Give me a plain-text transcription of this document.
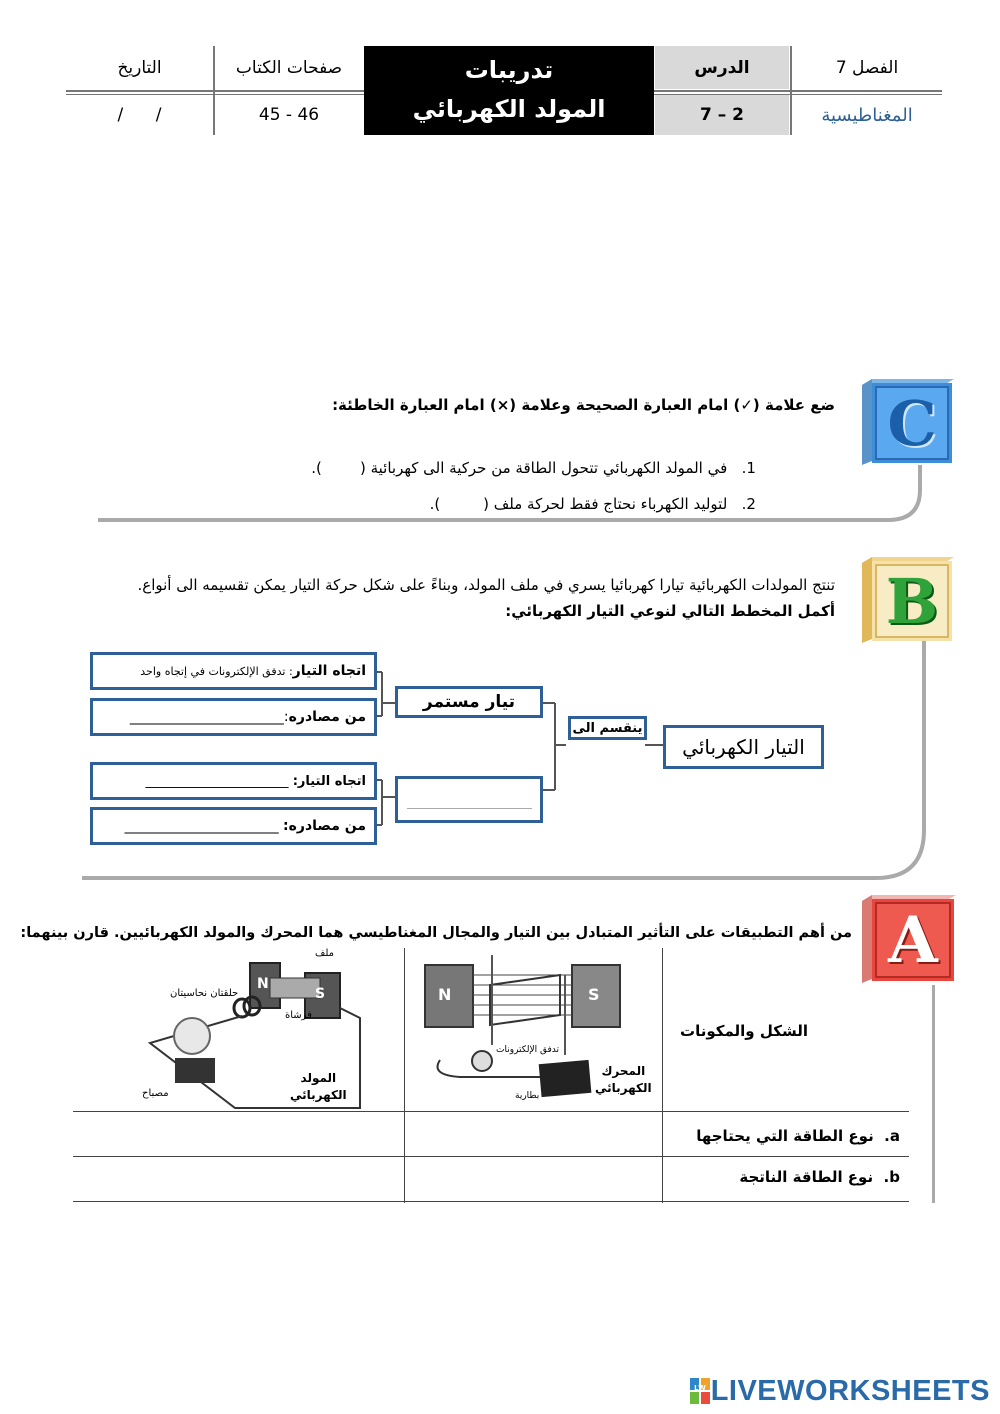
الفصل 7
المغناطيسية
الدرس
7 – 2
تدريبات
المولد الكهربائي
صفحات الكتاب
45 - 46
التاريخ
/      /
C
ضع علامة (✓) امام العبارة الصحيحة وعلامة (×) امام العبارة الخاطئة:

1.   في المولد الكهربائي تتحول الطاقة من حركية الى كهربائية (        ).

2.   لتوليد الكهرباء نحتاج فقط لحركة ملف (         ).

B
تنتج المولدات الكهربائية تيارا كهربائيا يسري في ملف المولد، وبناءً على شكل حركة التيار يمكن تقسيمه الى أنواع.
أكمل المخطط التالي لنوعي التيار الكهربائي:
التيار الكهربائي
ينقسم الى
تيار مستمر
اتجاه التيار
: تدفق الإلكترونات في إتجاه واحد
من مصادره
:______________________
اتجاه التيار:

______________________
من مصادره:

______________________
A
من أهم التطبيقات على التأثير المتبادل بين التيار والمجال المغناطيسي هما المحرك والمولد الكهربائيين. قارن بينهما:
الشكل والمكونات
a.  نوع الطاقة التي يحتاجها
b.  نوع الطاقة الناتجة
N	S
تدفق الإلكترونات
بطارية
المحرك
الكهربائي
N
S
ملف
حلقتان نحاسيتان
فرشاة
مصباح
المولد
الكهربائي
LW LIVEWORKSHEETS
